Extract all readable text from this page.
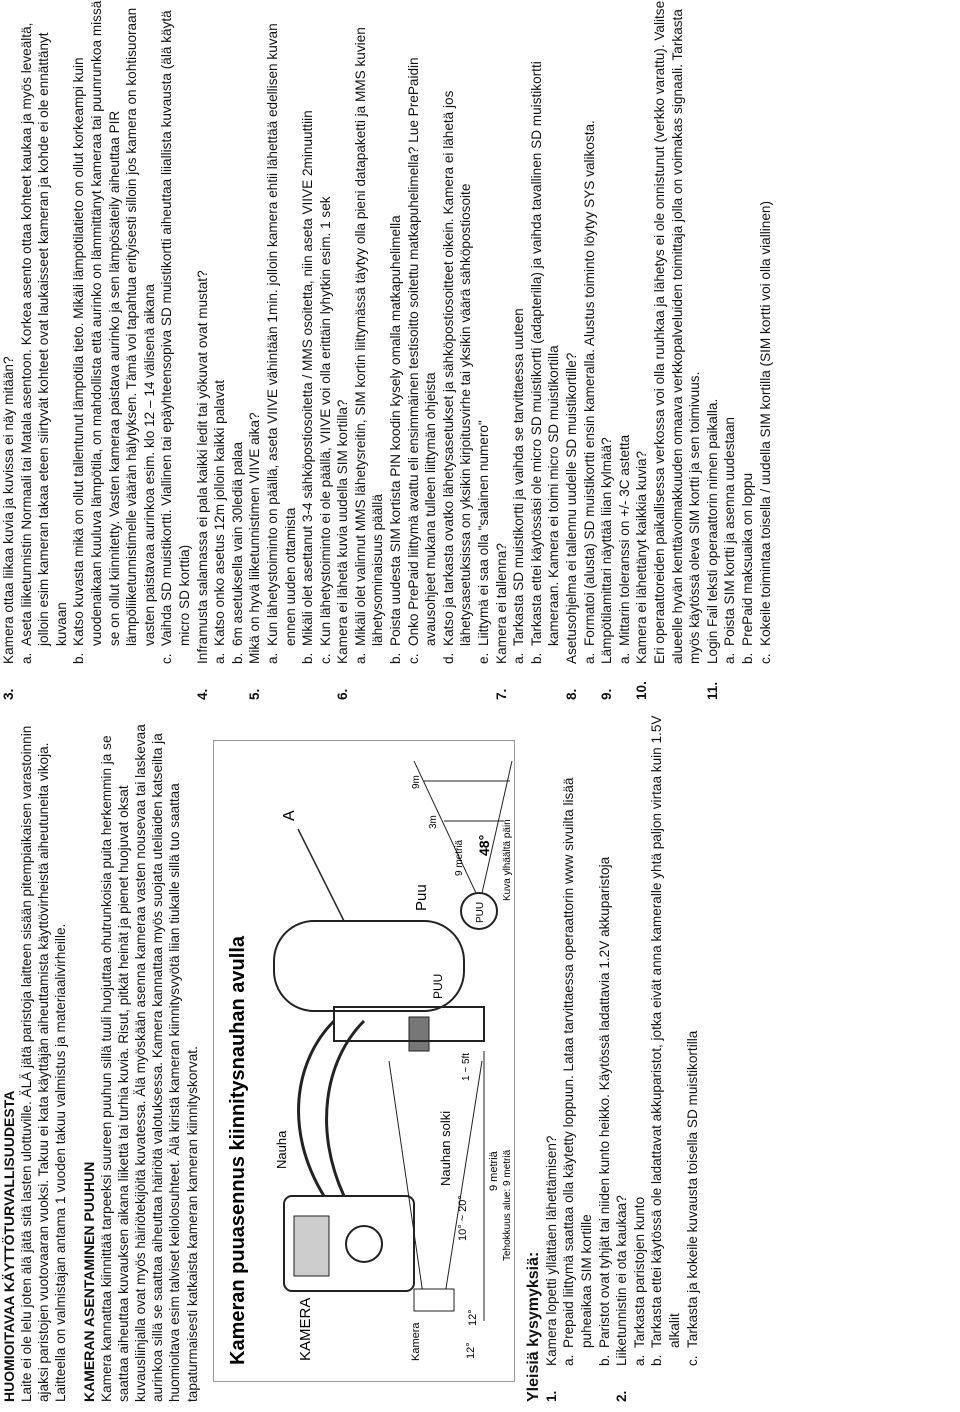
HUOMIOITAVAA KÄYTTÖTURVALLISUUDESTA Laite ei ole lelu joten älä jätä sitä lasten ulottuville. ÄLÄ jätä paristoja laitteen sisään pitempiaikaisen varastoinnin ajaksi paristojen vuotovaaran vuoksi. Takuu ei kata käyttäjän aiheuttamista käyttövirheistä aiheutuneita vikoja. Laitteella on valmistajan antama 1 vuoden takuu valmistus ja materiaalivirheille. KAMERAN ASENTAMINEN PUUHUN Kamera kannattaa kiinnittää tarpeeksi suureen puuhun sillä tuuli huojuttaa ohutrunkoisia puita herkemmin ja se saattaa aiheuttaa kuvauksen aikana liikettä tai turhia kuvia. Risut, pitkät heinät ja pienet huojuvat oksat kuvausliinjalla ovat myös häiriötekijöitä kuvatessa. Älä myöskään asenna kameraa vasten nousevaa tai laskevaa aurinkoa sillä se saattaa aiheuttaa häiriötä valotuksessa. Kamera kannattaa myös suojata uteliaiden katseilta ja huomioitava esim talviset keliolosuhteet. Älä kiristä kameran kiinnitysvyötä liian tiukalle sillä tuo saattaa tapaturmaisesti katkaista kameran kameran kiinnityskorvat. Kameran puuasennus kiinnitysnauhan avulla	KAMERA
Nauha	Nauhan solki
Puu
A
Kamera	12°
12°
10° ~ 20°
9 metriä Tehokkuus alue: 9 metriä
PUU
1 ~ 5ft
PUU
9 metriä 48° Kuva ylhäältä päin
3m
9m

Yleisiä kysymyksiä: 1.
Kamera lopetti yllättäen lähettämisen? a.
Prepaid liittymä saattaa olla käytetty loppuun. Lataa tarvittaessa operaattorin www sivuilta lisää puheaikaa SIM kortille
b.
Paristot ovat tyhjät tai niiden kunto heikko. Käytössä ladattavia 1.2V akkuparistoja
2.
Liiketunnistin ei ota kaukaa? a.
Tarkasta paristojen kunto
b.
Tarkasta ettei käytössä ole ladattavat akkuparistot, jotka eivät anna kameralle yhtä paljon virtaa kuin 1.5V alkalit
c.
Tarkasta ja kokeile kuvausta toisella SD muistikortilla
3.
Kamera ottaa liikaa kuvia ja kuvissa ei näy mitään? a.
Aseta liiketunnistin Normaali tai Matala asentoon. Korkea asento ottaa kohteet kaukaa ja myös leveältä, jolloin esim kameran takaa eteen siirtyvät kohteet ovat laukaisseet kameran ja kohde ei ole ennättänyt kuvaan
b.
Katso kuvasta mikä on ollut tallentunut lämpötila tieto. Mikäli lämpötilatieto on ollut korkeampi kuin vuodenaikaan kuuluva lämpötila, on mahdollista että aurinko on lämmittänyt kameraa tai puunrunkoa missä se on ollut kiinnitetty. Vasten kameraa paistava aurinko ja sen lämpösäteily aiheuttaa PIR lämpöliiketunnistimelle väärän hälytyksen. Tämä voi tapahtua erityisesti silloin jos kamera on kohtisuoraan vasten paistavaa aurinkoa esim. klo 12 – 14 välisenä aikana
c.
Vaihda SD muistikortti. Viallinen tai epäyhteensopiva SD muistikortti aiheuttaa liiallista kuvausta (älä käytä micro SD korttia)
4.
Inframusta salamassa ei pala kaikki ledit tai yökuvat ovat mustat? a.
Katso onko asetus 12m jolloin kaikki palavat
b.
6m asetuksella vain 30lediä palaa
5.
Mikä on hyvä liiketunnistimen VIIVE aika? a.
Kun lähetystoiminto on päällä, aseta VIIVE vähintään 1min. jolloin kamera ehtii lähettää edellisen kuvan ennen uuden ottamista
b.
Mikäli olet asettanut 3-4 sähköpostiosoitetta / MMS osoitetta, niin aseta VIIVE 2minuuttiin
c.
Kun lähetystoiminto ei ole päällä, VIIVE voi olla erittäin lyhytkin esim. 1 sek
6.
Kamera ei lähetä kuvia uudella SIM kortilla? a.
Mikäli olet valinnut MMS lähetysreitin, SIM kortin liittymässä täytyy olla pieni datapaketti ja MMS kuvien lähetysominaisuus päällä
b.
Poista uudesta SIM kortista PIN koodin kysely omalla matkapuhelimella
c.
Onko PrePaid liittymä avattu eli ensimmäinen testisoitto soitettu matkapuhelimella? Lue PrePaidin avausohjeet mukana tulleen liittymän ohjeista
d.
Katso ja tarkasta ovatko lähetysasetukset ja sähköpostiosoitteet oikein. Kamera ei lähetä jos lähetysasetuksissa on yksikin kirjoitusvirhe tai yksikin väärä sähköpostiosoite
e.
Liittymä ei saa olla "salainen numero"
7.
Kamera ei tallenna? a.
Tarkasta SD muistikortti ja vaihda se tarvittaessa uuteen
b.
Tarkasta ettei käytössäsi ole micro SD muistikortti (adapterilla) ja vaihda tavallinen SD muistikortti kameraan. Kamera ei toimi micro SD muistikortilla
8.
Asetusohjelma ei tallennu uudelle SD muistikortille? a.
Formatoi (alusta) SD muistikortti ensin kameralla. Alustus toiminto löytyy SYS valikosta.
9.
Lämpötilamittari näyttää liian kylmää? a.
Mittarin toleranssi on +/- 3C astetta
10.
Kamera ei lähettänyt kaikkia kuvia? Eri operaattoreiden paikallisessa verkossa voi olla ruuhkaa ja lähetys ei ole onnistunut (verkko varattu). Valitse alueelle hyvän kenttävoimakkuuden omaava verkkopalveluiden toimittaja jolla on voimakas signaali. Tarkasta myös käytössä oleva SIM kortti ja sen toimivuus.
11.
Login Fail teksti operaattorin nimen paikalla. a.
Poista SIM kortti ja asenna uudestaan
b.
PrePaid maksuaika on loppu
c.
Kokeile toimintaa toisella / uudella SIM kortilla (SIM kortti voi olla viallinen)
